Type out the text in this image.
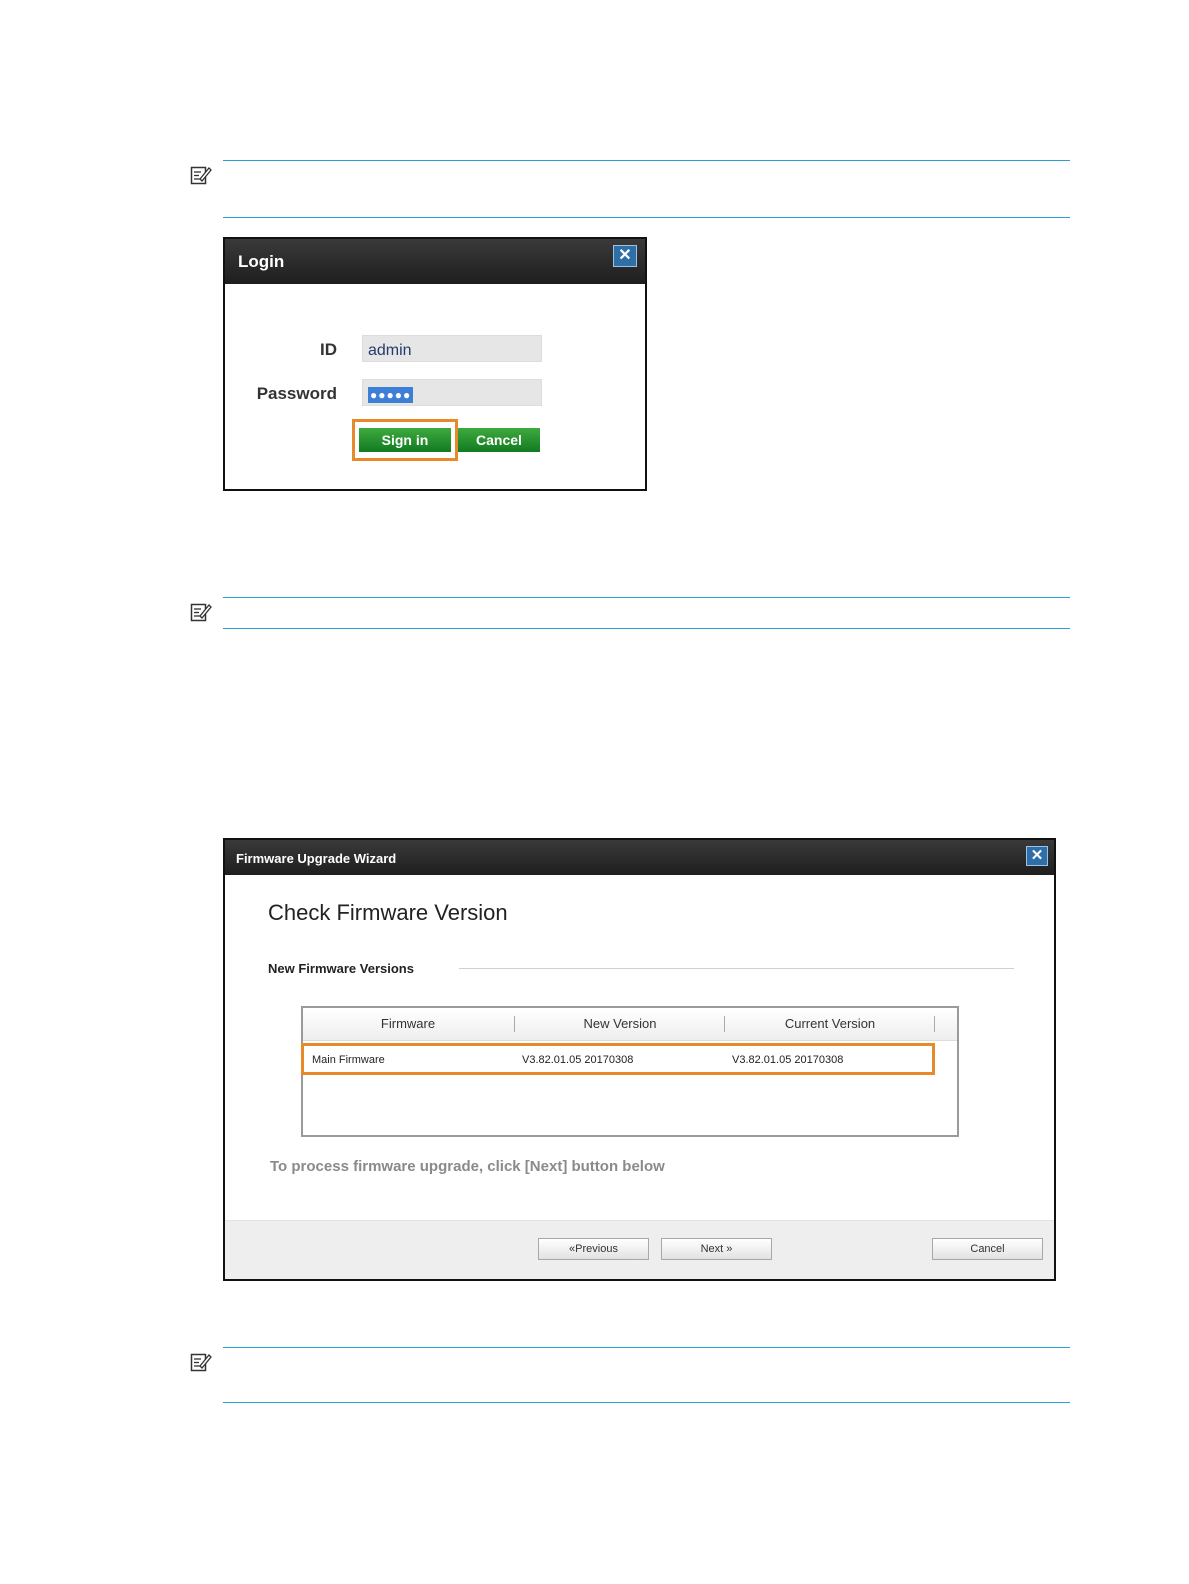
Login	✕
ID	admin
Password	●●●●●
Sign in	Cancel
Firmware Upgrade Wizard	✕
Check Firmware Version
New Firmware Versions
Firmware	New Version	Current Version
Main Firmware	V3.82.01.05 20170308	V3.82.01.05 20170308
To process firmware upgrade, click [Next] button below
«Previous	Next »	Cancel
